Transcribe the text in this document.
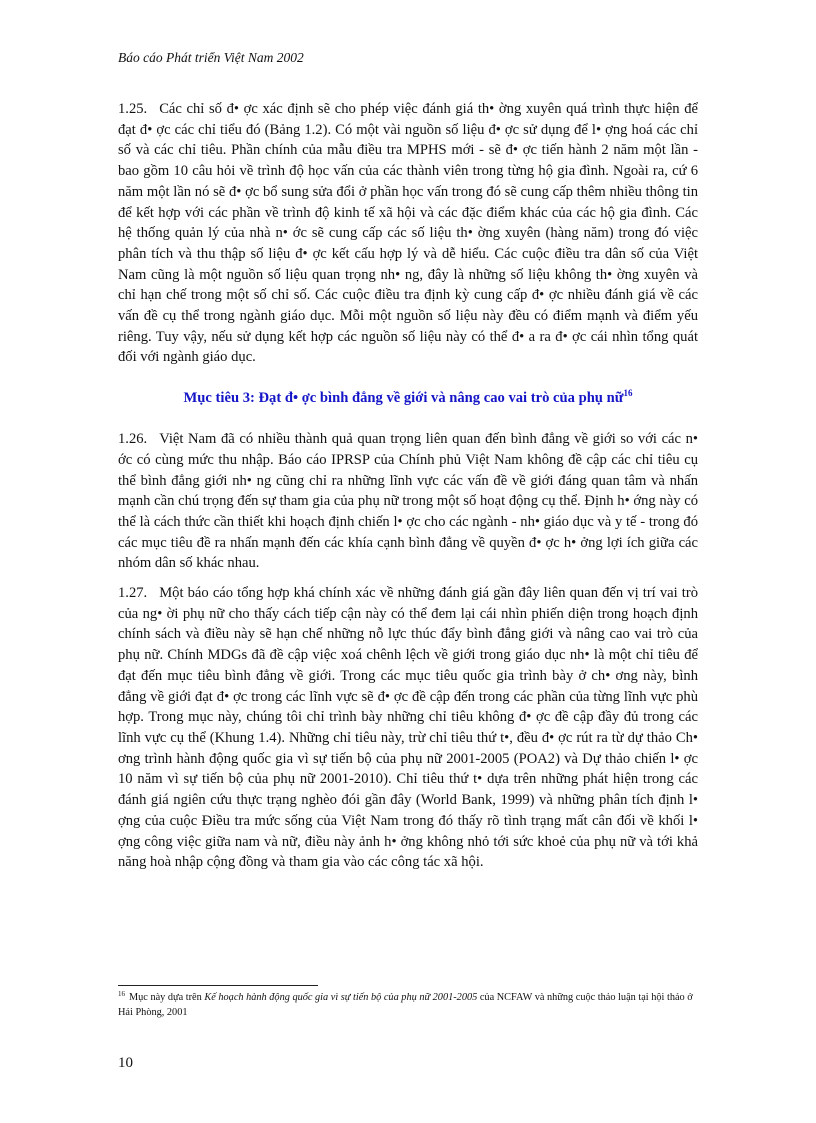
Báo cáo Phát triển Việt Nam 2002

1.25. Các chỉ số đ• ợc xác định sẽ cho phép việc đánh giá th• ờng xuyên quá trình thực hiện để đạt đ• ợc các chỉ tiểu đó (Bảng 1.2). Có một vài nguồn số liệu đ• ợc sử dụng để l• ợng hoá các chỉ số và các chỉ tiêu. Phần chính của mẫu điều tra MPHS mới - sẽ đ• ợc tiến hành 2 năm một lần - bao gồm 10 câu hỏi về trình độ học vấn của các thành viên trong từng hộ gia đình. Ngoài ra, cứ 6 năm một lần nó sẽ đ• ợc bổ sung sửa đổi ở phần học vấn trong đó sẽ cung cấp thêm nhiều thông tin để kết hợp với các phần về trình độ kinh tế xã hội và các đặc điểm khác của các hộ gia đình. Các hệ thống quản lý của nhà n• ớc sẽ cung cấp các số liệu th• ờng xuyên (hàng năm) trong đó việc phân tích và thu thập số liệu đ• ợc kết cấu hợp lý và dễ hiểu. Các cuộc điều tra dân số của Việt Nam cũng là một nguồn số liệu quan trọng nh• ng, đây là những số liệu không th• ờng xuyên và chỉ hạn chế trong một số chỉ số. Các cuộc điều tra định kỳ cung cấp đ• ợc nhiều đánh giá về các vấn đề cụ thể trong ngành giáo dục. Mỗi một nguồn số liệu này đều có điểm mạnh và điểm yếu riêng. Tuy vậy, nếu sử dụng kết hợp các nguồn số liệu này có thể đ• a ra đ• ợc cái nhìn tổng quát đối với ngành giáo dục.

Mục tiêu 3: Đạt đ• ợc bình đẳng về giới và nâng cao vai trò của phụ nữ$^{16}$

1.26. Việt Nam đã có nhiều thành quả quan trọng liên quan đến bình đẳng về giới so với các n• ớc có cùng mức thu nhập. Báo cáo IPRSP của Chính phủ Việt Nam không đề cập các chỉ tiêu cụ thể bình đẳng giới nh• ng cũng chỉ ra những lĩnh vực các vấn đề về giới đáng quan tâm và nhấn mạnh cần chú trọng đến sự tham gia của phụ nữ trong một số hoạt động cụ thể. Định h• ớng này có thể là cách thức cần thiết khi hoạch định chiến l• ợc cho các ngành - nh• giáo dục và y tế - trong đó các mục tiêu đề ra nhấn mạnh đến các khía cạnh bình đẳng về quyền đ• ợc h• ởng lợi ích giữa các nhóm dân số khác nhau.

1.27. Một báo cáo tổng hợp khá chính xác về những đánh giá gần đây liên quan đến vị trí vai trò của ng• ời phụ nữ cho thấy cách tiếp cận này có thể đem lại cái nhìn phiến diện trong hoạch định chính sách và điều này sẽ hạn chế những nỗ lực thúc đẩy bình đẳng giới và nâng cao vai trò của phụ nữ. Chính MDGs đã đề cập việc xoá chênh lệch về giới trong giáo dục nh• là một chỉ tiêu để đạt đến mục tiêu bình đẳng về giới. Trong các mục tiêu quốc gia trình bày ở ch• ơng này, bình đẳng về giới đạt đ• ợc trong các lĩnh vực sẽ đ• ợc đề cập đến trong các phần của từng lĩnh vực phù hợp. Trong mục này, chúng tôi chỉ trình bày những chỉ tiêu không đ• ợc đề cập đầy đủ trong các lĩnh vực cụ thể (Khung 1.4). Những chỉ tiêu này, trừ chỉ tiêu thứ t•, đều đ• ợc rút ra từ dự thảo Ch• ơng trình hành động quốc gia vì sự tiến bộ của phụ nữ 2001-2005 (POA2) và Dự thảo chiến l• ợc 10 năm vì sự tiến bộ của phụ nữ 2001-2010). Chỉ tiêu thứ t• dựa trên những phát hiện trong các đánh giá ngiên cứu thực trạng nghèo đói gần đây (World Bank, 1999) và những phân tích định l• ợng của cuộc Điều tra mức sống của Việt Nam trong đó thấy rõ tình trạng mất cân đối về khối l• ợng công việc giữa nam và nữ, điều này ảnh h• ởng không nhỏ tới sức khoẻ của phụ nữ và tới khả năng hoà nhập cộng đồng và tham gia vào các công tác xã hội.

$^{16}$ Mục này dựa trên Kế hoạch hành động quốc gia vì sự tiến bộ của phụ nữ 2001-2005 của NCFAW và những cuộc thảo luận tại hội thảo ở Hải Phòng, 2001
10
